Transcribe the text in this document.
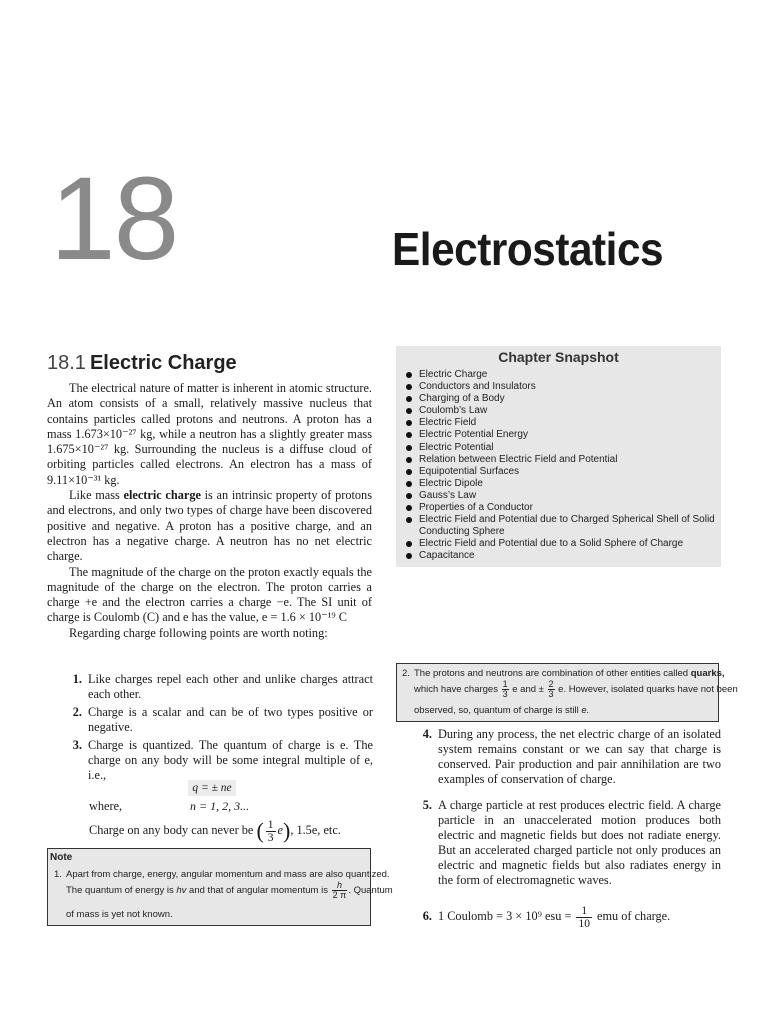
18	Electrostatics
18.1 Electric Charge

The electrical nature of matter is inherent in atomic structure. An atom consists of a small, relatively massive nucleus that contains particles called protons and neutrons. A proton has a mass 1.673×10⁻²⁷ kg, while a neutron has a slightly greater mass 1.675×10⁻²⁷ kg. Surrounding the nucleus is a diffuse cloud of orbiting particles called electrons. An electron has a mass of 9.11×10⁻³¹ kg.

Like mass electric charge is an intrinsic property of protons and electrons, and only two types of charge have been discovered positive and negative. A proton has a positive charge, and an electron has a negative charge. A neutron has no net electric charge.

The magnitude of the charge on the proton exactly equals the magnitude of the charge on the electron. The proton carries a charge +e and the electron carries a charge −e. The SI unit of charge is Coulomb (C) and e has the value, e = 1.6 × 10⁻¹⁹ C

Regarding charge following points are worth noting:

1. Like charges repel each other and unlike charges attract each other.
2. Charge is a scalar and can be of two types positive or negative.
3. Charge is quantized. The quantum of charge is e. The charge on any body will be some integral multiple of e, i.e.,
q = ± ne
where,	n = 1, 2, 3...
Charge on any body can never be ( $\frac{1}{3} e$), 1.5e, etc.
Note
1. Apart from charge, energy, angular momentum and mass are also quantized.
The quantum of energy is hv and that of angular momentum is $\frac{h}{2 \pi}$ . Quantum
of mass is yet not known.
Chapter Snapshot
Electric Charge
Conductors and Insulators
Charging of a Body
Coulomb’s Law
Electric Field
Electric Potential Energy
Electric Potential
Relation between Electric Field and Potential
Equipotential Surfaces
Electric Dipole
Gauss’s Law
Properties of a Conductor
Electric Field and Potential due to Charged Spherical Shell of Solid Conducting Sphere
Electric Field and Potential due to a Solid Sphere of Charge
Capacitance
2. The protons and neutrons are combination of other entities called quarks,
which have charges $\frac{1}{3}$ e and ± $\frac{2}{3} e$. However, isolated quarks have not been
observed, so, quantum of charge is still e.
4. During any process, the net electric charge of an isolated system remains constant or we can say that charge is conserved. Pair production and pair annihilation are two examples of conservation of charge.
5. A charge particle at rest produces electric field. A charge particle in an unaccelerated motion produces both electric and magnetic fields but does not radiate energy. But an accelerated charged particle not only produces an electric and magnetic fields but also radiates energy in the form of electromagnetic waves.
6. 1 Coulomb = 3 × 10⁹ esu = $\frac{1}{10}$ emu of charge.
